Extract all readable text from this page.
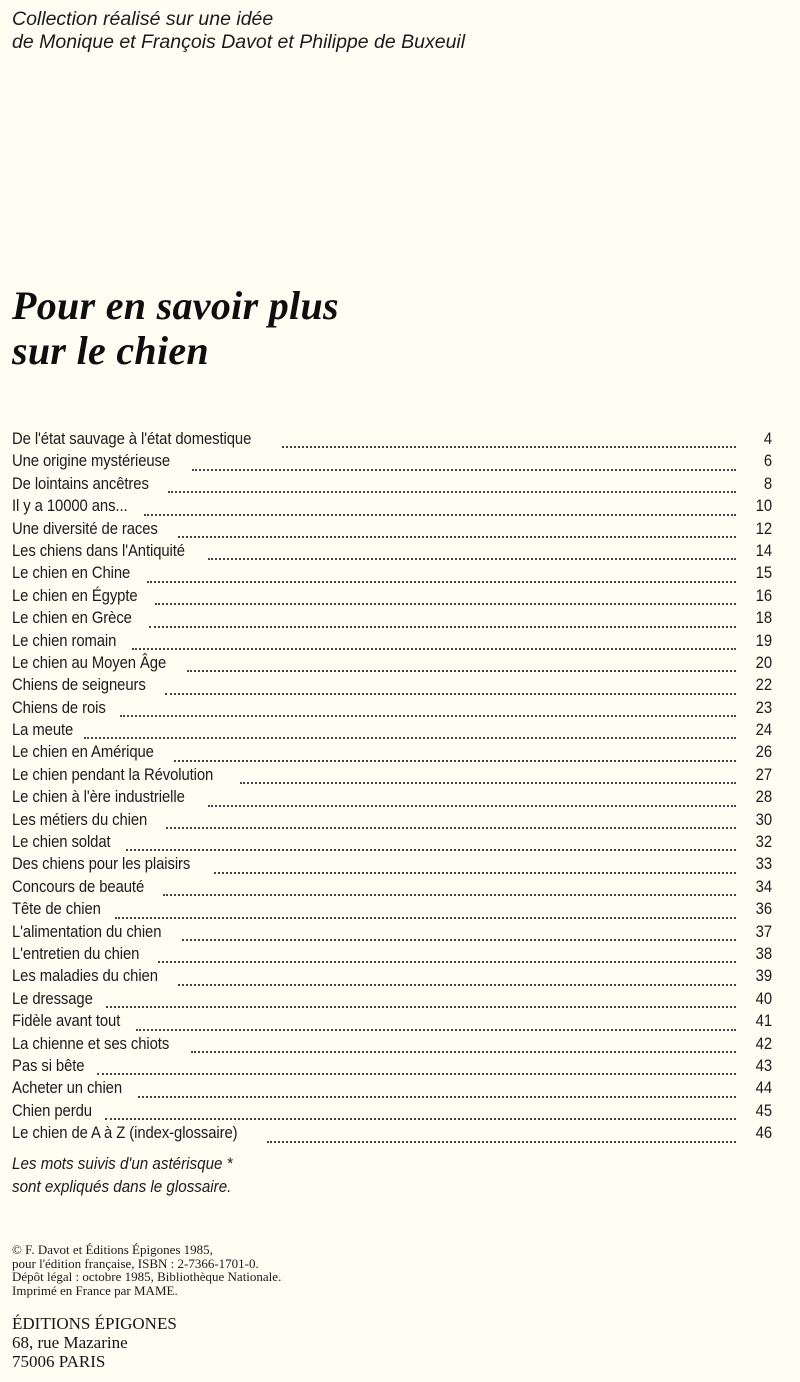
Collection réalisé sur une idée
de Monique et François Davot et Philippe de Buxeuil
Pour en savoir plus
sur le chien
De l'état sauvage à l'état domestique	4
Une origine mystérieuse	6
De lointains ancêtres	8
Il y a 10000 ans...	10
Une diversité de races	12
Les chiens dans l'Antiquité	14
Le chien en Chine	15
Le chien en Égypte	16
Le chien en Grèce	18
Le chien romain	19
Le chien au Moyen Âge	20
Chiens de seigneurs	22
Chiens de rois	23
La meute	24
Le chien en Amérique	26
Le chien pendant la Révolution	27
Le chien à l'ère industrielle	28
Les métiers du chien	30
Le chien soldat	32
Des chiens pour les plaisirs	33
Concours de beauté	34
Tête de chien	36
L'alimentation du chien	37
L'entretien du chien	38
Les maladies du chien	39
Le dressage	40
Fidèle avant tout	41
La chienne et ses chiots	42
Pas si bête	43
Acheter un chien	44
Chien perdu	45
Le chien de A à Z (index-glossaire)	46
Les mots suivis d'un astérisque *
sont expliqués dans le glossaire.
© F. Davot et Éditions Épigones 1985,
pour l'édition française, ISBN : 2-7366-1701-0.
Dépôt légal : octobre 1985, Bibliothèque Nationale.
Imprimé en France par MAME.
ÉDITIONS ÉPIGONES
68, rue Mazarine
75006 PARIS
